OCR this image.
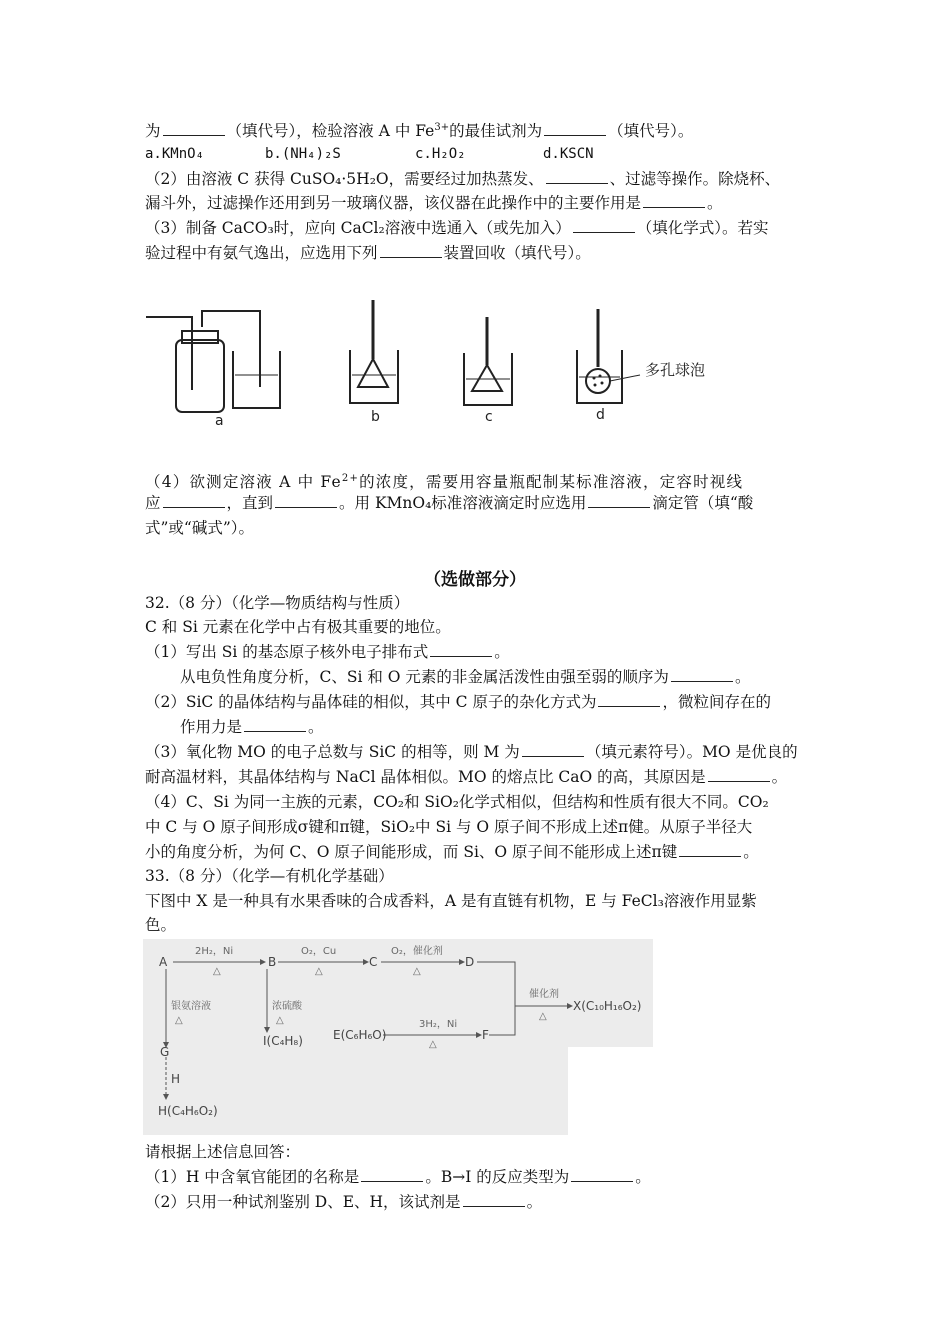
为	（填代号），检验溶液 A 中 $Fe^{3+}$的最佳试剂为	（填代号）。
a.KMnO₄	b.(NH₄)₂S	c.H₂O₂	d.KSCN
（2）由溶液 C 获得 CuSO₄·5H₂O，需要经过加热蒸发、	、过滤等操作。除烧杯、
漏斗外，过滤操作还用到另一玻璃仪器，该仪器在此操作中的主要作用是	。
（3）制备 CaCO₃时，应向 CaCl₂溶液中选通入（或先加入）	（填化学式）。若实
验过程中有氨气逸出，应选用下列	装置回收（填代号）。
a	b	c	d
多孔球泡
（4）欲测定溶液 A 中 $Fe^{2+}$的浓度，需要用容量瓶配制某标准溶液，定容时视线
应	，直到	。用 KMnO₄标准溶液滴定时应选用	滴定管（填“酸
式”或“碱式”）。
（选做部分）
32.（8 分）（化学—物质结构与性质）
C 和 Si 元素在化学中占有极其重要的地位。
（1）写出 Si 的基态原子核外电子排布式	。
从电负性角度分析，C、Si 和 O 元素的非金属活泼性由强至弱的顺序为	。
（2）SiC 的晶体结构与晶体硅的相似，其中 C 原子的杂化方式为	，微粒间存在的
作用力是	。
（3）氧化物 MO 的电子总数与 SiC 的相等，则 M 为	（填元素符号）。MO 是优良的
耐高温材料，其晶体结构与 NaCl 晶体相似。MO 的熔点比 CaO 的高，其原因是	。
（4）C、Si 为同一主族的元素，CO₂和 SiO₂化学式相似，但结构和性质有很大不同。CO₂
中 C 与 O 原子间形成σ键和π键，SiO₂中 Si 与 O 原子间不形成上述π健。从原子半径大
小的角度分析，为何 C、O 原子间能形成，而 Si、O 原子间不能形成上述π键	。
33.（8 分）（化学—有机化学基础）
下图中 X 是一种具有水果香味的合成香料，A 是有直链有机物，E 与 FeCl₃溶液作用显紫
色。
A	B	C	D
X(C₁₀H₁₆O₂)
E(C₆H₆O)	F
G
H
H(C₄H₆O₂)
I(C₄H₈)
2H₂，Ni
△
O₂，Cu
△
O₂，催化剂
△
催化剂
△
银氨溶液
△
浓硫酸
△	3H₂，Ni
△
请根据上述信息回答：
（1）H 中含氧官能团的名称是	。B→I 的反应类型为	。
（2）只用一种试剂鉴别 D、E、H，该试剂是	。
